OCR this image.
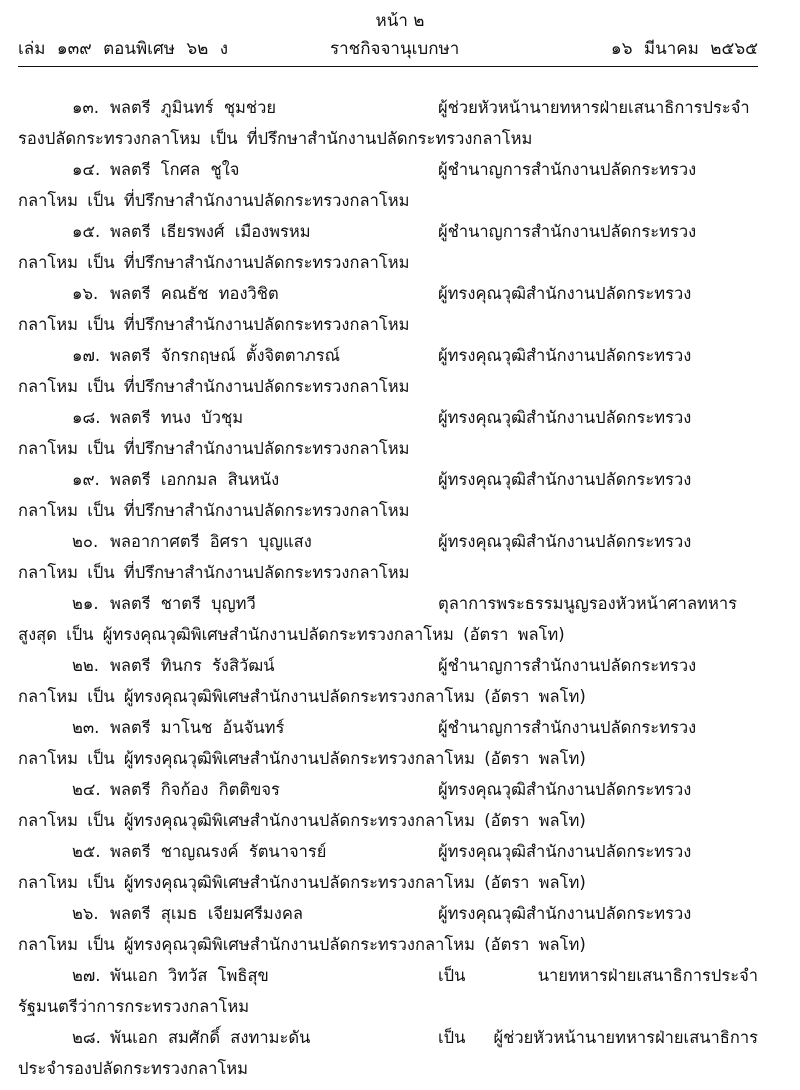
หน้า ๒
เล่ม ๑๓๙ ตอนพิเศษ ๖๒ ง	ราชกิจจานุเบกษา	๑๖ มีนาคม ๒๕๖๕
๑๓. พลตรี ภูมินทร์ ชุมช่วย	ผู้ช่วยหัวหน้านายทหารฝ่ายเสนาธิการประจำ
รองปลัดกระทรวงกลาโหม เป็น ที่ปรึกษาสำนักงานปลัดกระทรวงกลาโหม
๑๔. พลตรี โกศล ชูใจ	ผู้ชำนาญการสำนักงานปลัดกระทรวง
กลาโหม เป็น ที่ปรึกษาสำนักงานปลัดกระทรวงกลาโหม
๑๕. พลตรี เธียรพงศ์ เมืองพรหม	ผู้ชำนาญการสำนักงานปลัดกระทรวง
กลาโหม เป็น ที่ปรึกษาสำนักงานปลัดกระทรวงกลาโหม
๑๖. พลตรี คณธัช ทองวิชิต	ผู้ทรงคุณวุฒิสำนักงานปลัดกระทรวง
กลาโหม เป็น ที่ปรึกษาสำนักงานปลัดกระทรวงกลาโหม
๑๗. พลตรี จักรกฤษณ์ ตั้งจิตตาภรณ์	ผู้ทรงคุณวุฒิสำนักงานปลัดกระทรวง
กลาโหม เป็น ที่ปรึกษาสำนักงานปลัดกระทรวงกลาโหม
๑๘. พลตรี ทนง บัวชุม	ผู้ทรงคุณวุฒิสำนักงานปลัดกระทรวง
กลาโหม เป็น ที่ปรึกษาสำนักงานปลัดกระทรวงกลาโหม
๑๙. พลตรี เอกกมล สินหนัง	ผู้ทรงคุณวุฒิสำนักงานปลัดกระทรวง
กลาโหม เป็น ที่ปรึกษาสำนักงานปลัดกระทรวงกลาโหม
๒๐. พลอากาศตรี อิศรา บุญแสง	ผู้ทรงคุณวุฒิสำนักงานปลัดกระทรวง
กลาโหม เป็น ที่ปรึกษาสำนักงานปลัดกระทรวงกลาโหม
๒๑. พลตรี ชาตรี บุญทวี	ตุลาการพระธรรมนูญรองหัวหน้าศาลทหาร
สูงสุด เป็น ผู้ทรงคุณวุฒิพิเศษสำนักงานปลัดกระทรวงกลาโหม (อัตรา พลโท)
๒๒. พลตรี ทินกร รังสิวัฒน์	ผู้ชำนาญการสำนักงานปลัดกระทรวง
กลาโหม เป็น ผู้ทรงคุณวุฒิพิเศษสำนักงานปลัดกระทรวงกลาโหม (อัตรา พลโท)
๒๓. พลตรี มาโนช อ้นจันทร์	ผู้ชำนาญการสำนักงานปลัดกระทรวง
กลาโหม เป็น ผู้ทรงคุณวุฒิพิเศษสำนักงานปลัดกระทรวงกลาโหม (อัตรา พลโท)
๒๔. พลตรี กิจก้อง กิตติขจร	ผู้ทรงคุณวุฒิสำนักงานปลัดกระทรวง
กลาโหม เป็น ผู้ทรงคุณวุฒิพิเศษสำนักงานปลัดกระทรวงกลาโหม (อัตรา พลโท)
๒๕. พลตรี ชาญณรงค์ รัตนาจารย์	ผู้ทรงคุณวุฒิสำนักงานปลัดกระทรวง
กลาโหม เป็น ผู้ทรงคุณวุฒิพิเศษสำนักงานปลัดกระทรวงกลาโหม (อัตรา พลโท)
๒๖. พลตรี สุเมธ เจียมศรีมงคล	ผู้ทรงคุณวุฒิสำนักงานปลัดกระทรวง
กลาโหม เป็น ผู้ทรงคุณวุฒิพิเศษสำนักงานปลัดกระทรวงกลาโหม (อัตรา พลโท)
๒๗. พันเอก วิทวัส โพธิสุข	เป็น นายทหารฝ่ายเสนาธิการประจำ
รัฐมนตรีว่าการกระทรวงกลาโหม
๒๘. พันเอก สมศักดิ์ สงทามะดัน	เป็น ผู้ช่วยหัวหน้านายทหารฝ่ายเสนาธิการ
ประจำรองปลัดกระทรวงกลาโหม
